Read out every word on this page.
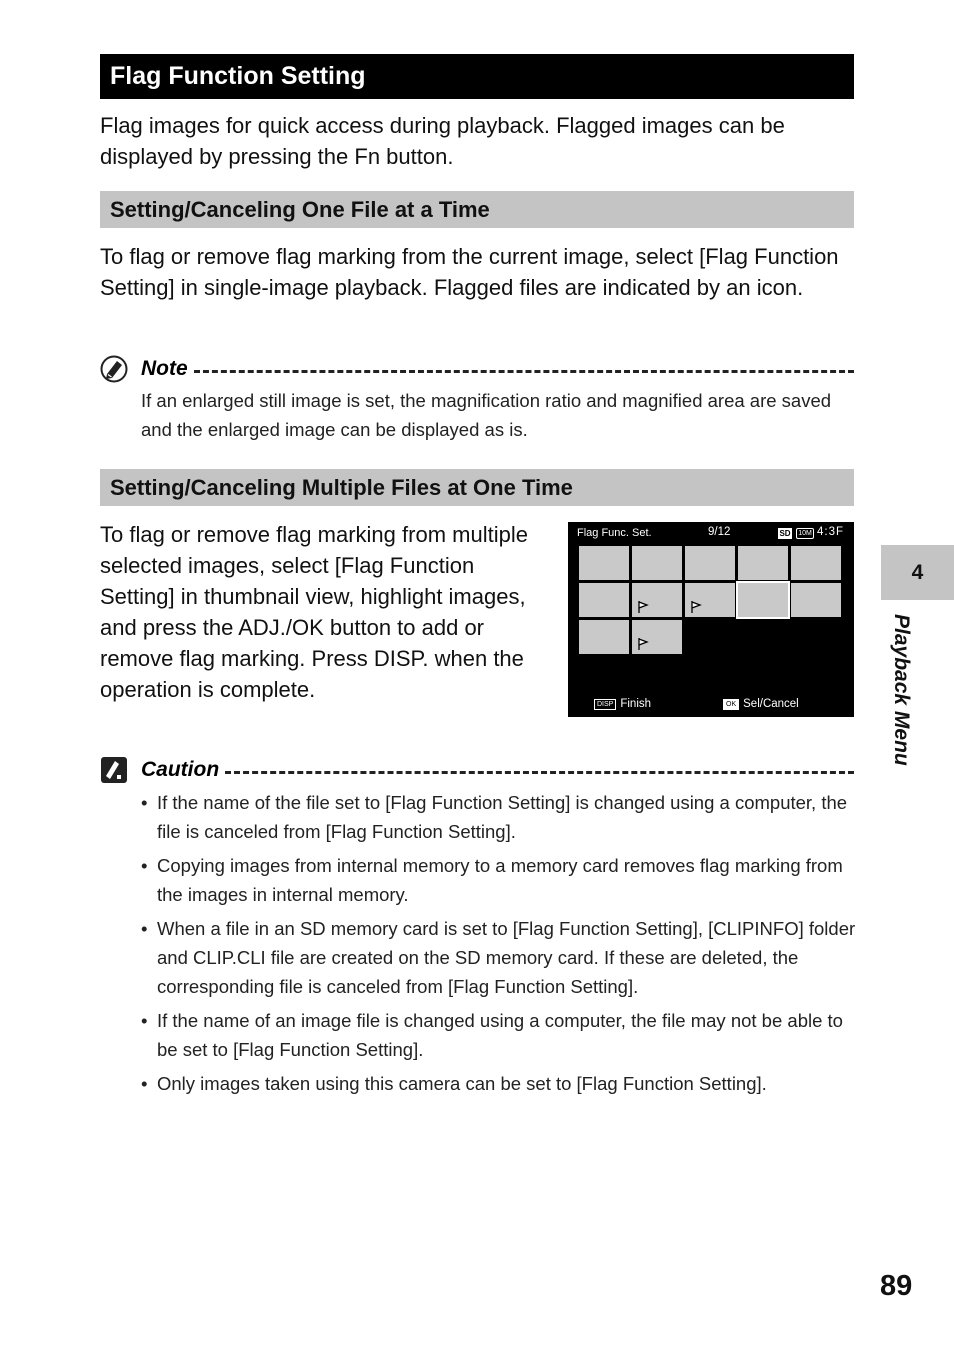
Flag Function Setting
Flag images for quick access during playback. Flagged images can be displayed by pressing the Fn button.
Setting/Canceling One File at a Time
To flag or remove flag marking from the current image, select [Flag Function Setting] in single-image playback. Flagged files are indicated by an icon.
Note
If an enlarged still image is set, the magnification ratio and magnified area are saved and the enlarged image can be displayed as is.
Setting/Canceling Multiple Files at One Time
To flag or remove flag marking from multiple selected images, select [Flag Function Setting] in thumbnail view, highlight images, and press the ADJ./OK button to add or remove flag marking. Press DISP. when the operation is complete.
Flag Func. Set.	9/12	SD	10M 4:3F
DISP Finish	OK Sel/Cancel
Caution
• If the name of the file set to [Flag Function Setting] is changed using a computer, the file is canceled from [Flag Function Setting].
• Copying images from internal memory to a memory card removes flag marking from the images in internal memory.
• When a file in an SD memory card is set to [Flag Function Setting], [CLIPINFO] folder and CLIP.CLI file are created on the SD memory card. If these are deleted, the corresponding file is canceled from [Flag Function Setting].
• If the name of an image file is changed using a computer, the file may not be able to be set to [Flag Function Setting].
• Only images taken using this camera can be set to [Flag Function Setting].
4
Playback Menu
89
